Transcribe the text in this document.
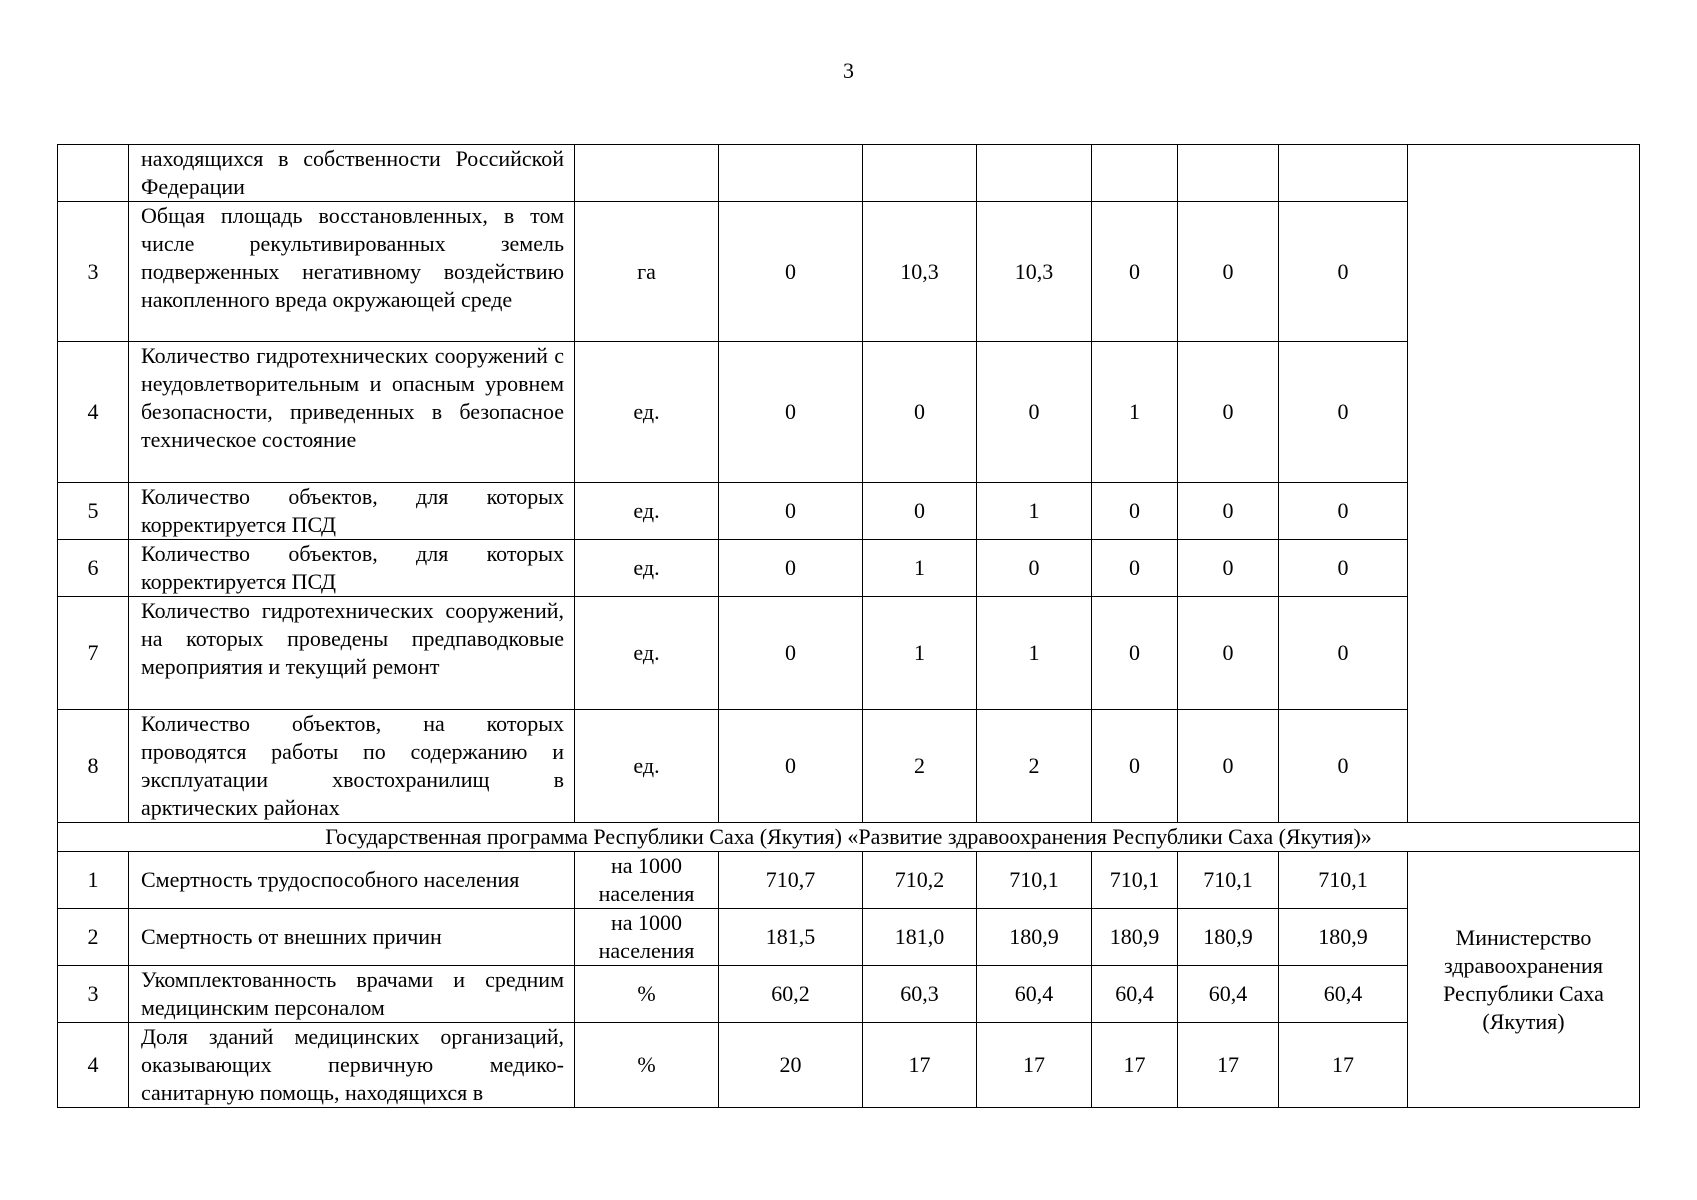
3
	находящихся в собственности Российской Федерации								
3	Общая площадь восстановленных, в том числе рекультивированных земель подверженных негативному воздействию накопленного вреда окружающей среде	га	0	10,3	10,3	0	0	0	
4	Количество гидротехнических сооружений с неудовлетворительным и опасным уровнем безопасности, приведенных в безопасное техническое состояние	ед.	0	0	0	1	0	0	
5	Количество объектов, для которых корректируется ПСД	ед.	0	0	1	0	0	0	
6	Количество объектов, для которых корректируется ПСД	ед.	0	1	0	0	0	0	
7	Количество гидротехнических сооружений, на которых проведены предпаводковые мероприятия и текущий ремонт	ед.	0	1	1	0	0	0	
8	Количество объектов, на которых проводятся работы по содержанию и эксплуатации хвостохранилищ в арктических районах	ед.	0	2	2	0	0	0	
Государственная программа Республики Саха (Якутия) «Развитие здравоохранения Республики Саха (Якутия)»									
1	Смертность трудоспособного населения	на 1000 населения	710,7	710,2	710,1	710,1	710,1	710,1	Министерство здравоохранения Республики Саха (Якутия)
2	Смертность от внешних причин	на 1000 населения	181,5	181,0	180,9	180,9	180,9	180,9	
3	Укомплектованность врачами и средним медицинским персоналом	%	60,2	60,3	60,4	60,4	60,4	60,4	
4	Доля зданий медицинских организаций, оказывающих первичную медико-санитарную помощь, находящихся в	%	20	17	17	17	17	17	
